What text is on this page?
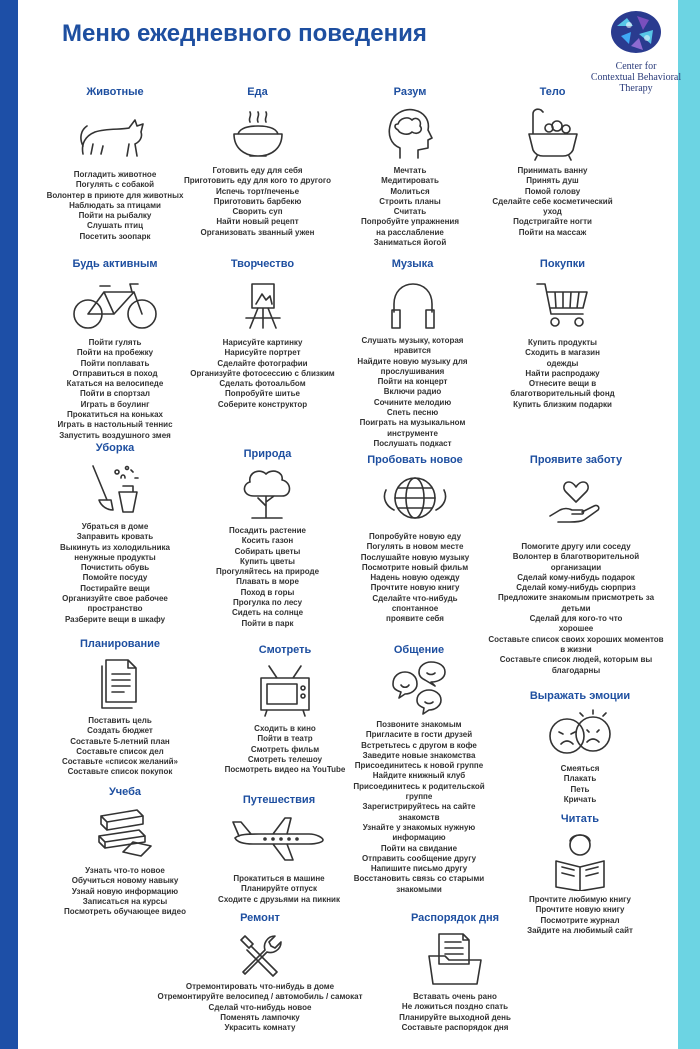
Меню ежедневного поведения
Center for
Contextual Behavioral
Therapy
Животные
Погладить животное
Погулять с собакой
Волонтер в приюте для животных
Наблюдать за птицами
Пойти на рыбалку
Слушать птиц
Посетить зоопарк
Еда
Готовить еду для себя
Приготовить еду для кого то другого
Испечь торт/печенье
Приготовить барбекю
Сворить суп
Найти новый рецепт
Организовать званный ужен
Разум
Мечтать
Медитировать
Молиться
Строить планы
Считать
Попробуйте упражнения
на расслабление
Заниматься йогой
Тело
Принимать ванну
Принять душ
Помой голову
Сделайте себе косметический
уход
Подстригайте ногти
Пойти на массаж
Будь активным
Пойти гулять
Пойти на пробежку
Пойти поплавать
Отправиться в поход
Кататься на велосипеде
Пойти в спортзал
Играть в боулинг
Прокатиться на коньках
Играть в настольный теннис
Запустить воздушного змея
Творчество
Нарисуйте картинку
Нарисуйте портрет
Сделайте фотографии
Организуйте фотосессию с близким
Сделать фотоальбом
Попробуйте шитье
Соберите конструктор
Музыка
Слушать музыку, которая
нравится
Найдите новую музыку для
прослушивания
Пойти на концерт
Включи радио
Сочините мелодию
Спеть песню
Поиграть на музыкальном
инструменте
Послушать подкаст
Покупки
Купить продукты
Сходить в магазин
одежды
Найти распродажу
Отнесите вещи в
благотворительный фонд
Купить близким подарки
Уборка
Убраться в доме
Заправить кровать
Выкинуть из холодильника
ненужные продукты
Почистить обувь
Помойте посуду
Постирайте вещи
Организуйте свое рабочее
пространство
Разберите вещи в шкафу
Природа
Посадить растение
Косить газон
Собирать цветы
Купить цветы
Прогуляйтесь на природе
Плавать в море
Поход в горы
Прогулка по лесу
Сидеть на солнце
Пойти в парк
Пробовать новое
Попробуйте новую еду
Погулять в новом месте
Послушайте новую музыку
Посмотрите новый фильм
Надень новую одежду
Прочтите новую книгу
Сделайте что-нибудь
спонтанное
проявите себя
Проявите заботу
Помогите другу или соседу
Волонтер в благотворительной
организации
Сделай кому-нибудь подарок
Сделай кому-нибудь сюрприз
Предложите знакомым присмотреть за
детьми
Сделай для кого-то что
хорошее
Составьте список своих хороших моментов
в жизни
Составьте список людей, которым вы
благодарны
Планирование
Поставить цель
Создать бюджет
Составьте 5-летний план
Составьте список дел
Составьте «список желаний»
Составьте список покупок
Смотреть
Сходить в кино
Пойти в театр
Смотреть фильм
Смотреть телешоу
Посмотреть видео на YouTube
Общение
Позвоните знакомым
Пригласите в гости друзей
Встретьтесь с другом в кофе
Заведите новые знакомства
Присоединитесь к новой группе
Найдите книжный клуб
Присоединитесь к родительской
группе
Зарегистрируйтесь на сайте
знакомств
Узнайте у знакомых нужную
информацию
Пойти на свидание
Отправить сообщение другу
Напишите письмо другу
Восстановить связь со старыми
знакомыми
Выражать эмоции
Смеяться
Плакать
Петь
Кричать
Учеба
Узнать что-то новое
Обучиться новому навыку
Узнай новую информацию
Записаться на курсы
Посмотреть обучающее видео
Путешествия
Прокатиться в машине
Планируйте отпуск
Сходите с друзьями на пикник
Читать
Прочтите любимую книгу
Прочтите новую книгу
Посмотрите журнал
Зайдите на любимый сайт
Ремонт
Отремонтировать что-нибудь в доме
Отремонтируйте велосипед / автомобиль / самокат
Сделай что-нибудь новое
Поменять лампочку
Украсить комнату
Распорядок дня
Вставать очень рано
Не ложиться поздно спать
Планируйте выходной день
Составьте распорядок дня
